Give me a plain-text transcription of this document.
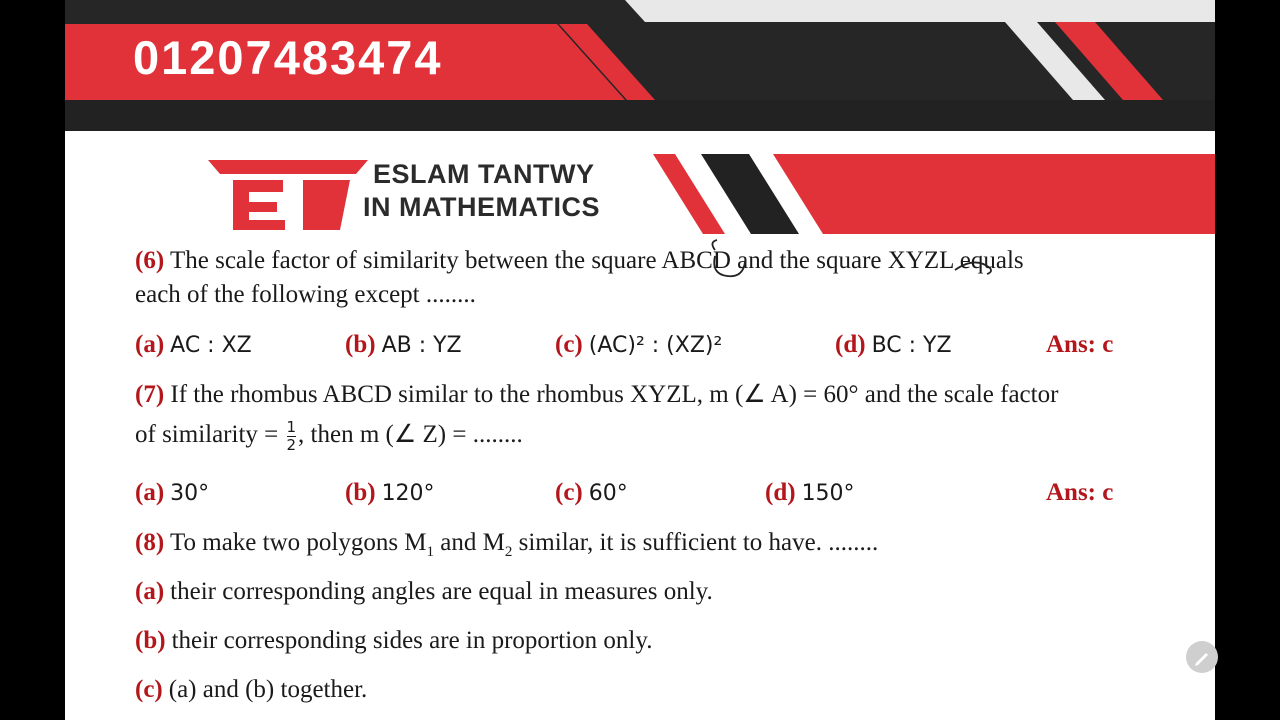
01207483474
ESLAM TANTWY
IN MATHEMATICS
(6) The scale factor of similarity between the square ABCD and the square XYZL equals
each of the following except ........
(a) AC : XZ	(b) AB : YZ	(c) (AC)² : (XZ)²	(d) BC : YZ	Ans: c
(7) If the rhombus ABCD similar to the rhombus XYZL, m (∠ A) = 60° and the scale factor
of similarity = $\frac{1}{2}$ , then m (∠ Z) = ........
(a) 30°	(b) 120°	(c) 60°	(d) 150°	Ans: c
(8) To make two polygons $M_1$ and $M_2$ similar, it is sufficient to have. ........
(a) their corresponding angles are equal in measures only.
(b) their corresponding sides are in proportion only.
(c) (a) and (b) together.
